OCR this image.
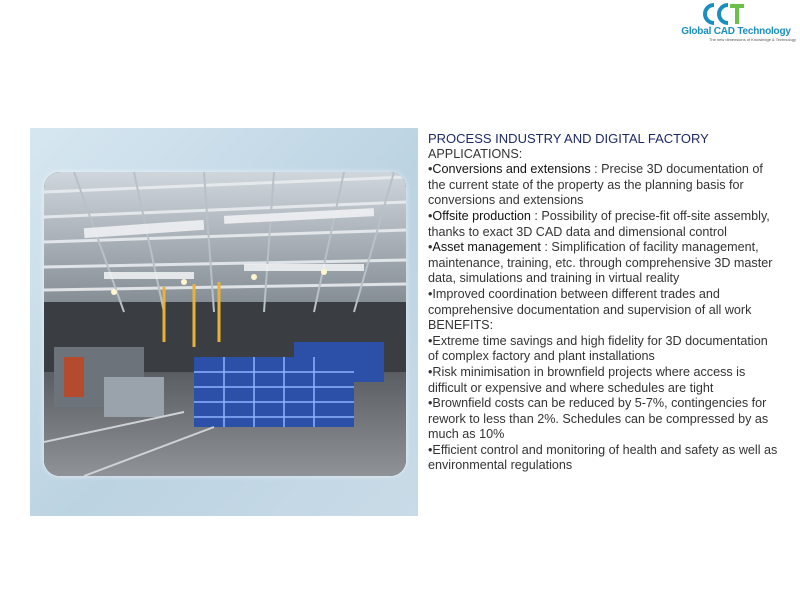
Global CAD Technology
The new dimensions of Knowledge & Technology
PROCESS INDUSTRY AND DIGITAL FACTORY
APPLICATIONS:
•Conversions and extensions : Precise 3D documentation of the current state of the property as the planning basis for conversions and extensions
•Offsite production : Possibility of precise-fit off-site assembly, thanks to exact 3D CAD data and dimensional control
•Asset management : Simplification of facility management, maintenance, training, etc. through comprehensive 3D master data, simulations and training in virtual reality
•Improved coordination between different trades and comprehensive documentation and supervision of all work
BENEFITS:
•Extreme time savings and high fidelity for 3D documentation of complex factory and plant installations
•Risk minimisation in brownfield projects where access is difficult or expensive and where schedules are tight
•Brownfield costs can be reduced by 5-7%, contingencies for rework to less than 2%. Schedules can be compressed by as much as 10%
•Efficient control and monitoring of health and safety as well as environmental regulations
